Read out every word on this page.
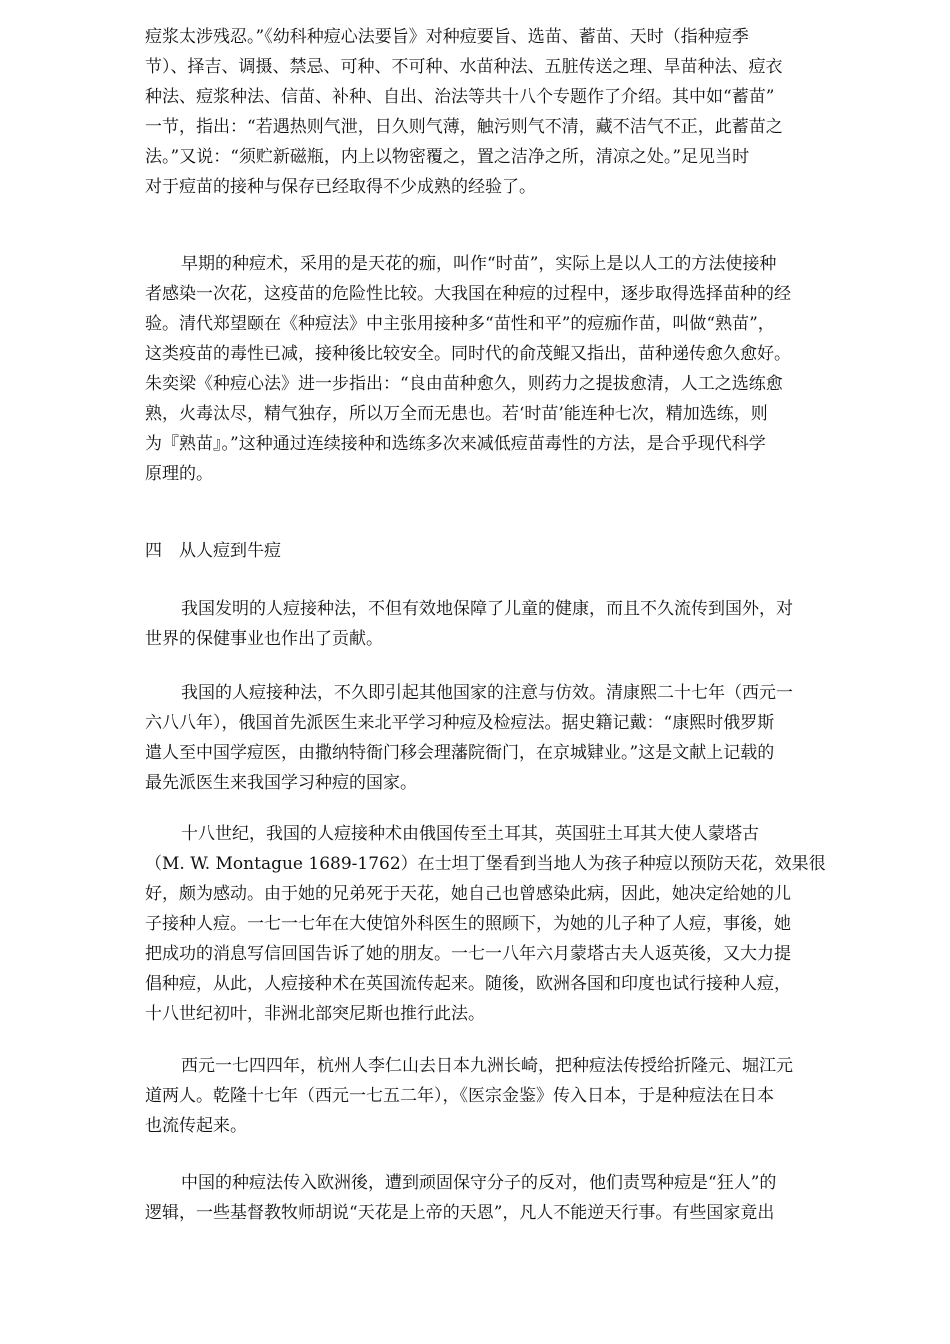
痘浆太涉残忍。”《幼科种痘心法要旨》对种痘要旨、选苗、蓄苗、天时（指种痘季
节）、择吉、调摄、禁忌、可种、不可种、水苗种法、五脏传送之理、旱苗种法、痘衣
种法、痘浆种法、信苗、补种、自出、治法等共十八个专题作了介绍。其中如“蓄苗”
一节，指出：“若遇热则气泄，日久则气薄，触污则气不清，藏不洁气不正，此蓄苗之
法。”又说：“须贮新磁瓶，内上以物密覆之，置之洁净之所，清凉之处。”足见当时
对于痘苗的接种与保存已经取得不少成熟的经验了。
早期的种痘术，采用的是天花的痂，叫作“时苗”，实际上是以人工的方法使接种
者感染一次花，这疫苗的危险性比较。大我国在种痘的过程中，逐步取得选择苗种的经
验。清代郑望颐在《种痘法》中主张用接种多“苗性和平”的痘痂作苗，叫做“熟苗”，
这类疫苗的毒性已减，接种後比较安全。同时代的俞茂鲲又指出，苗种递传愈久愈好。
朱奕梁《种痘心法》进一步指出：“良由苗种愈久，则药力之提拔愈清，人工之选练愈
熟，火毒汰尽，精气独存，所以万全而无患也。若‘时苗’能连种七次，精加选练，则
为『熟苗』。”这种通过连续接种和选练多次来减低痘苗毒性的方法，是合乎现代科学
原理的。
四　从人痘到牛痘
我国发明的人痘接种法，不但有效地保障了儿童的健康，而且不久流传到国外，对
世界的保健事业也作出了贡献。
我国的人痘接种法，不久即引起其他国家的注意与仿效。清康熙二十七年（西元一
六八八年），俄国首先派医生来北平学习种痘及检痘法。据史籍记戴：“康熙时俄罗斯
遣人至中国学痘医，由撒纳特衙门移会理藩院衙门，在京城肄业。”这是文献上记载的
最先派医生来我国学习种痘的国家。
十八世纪，我国的人痘接种术由俄国传至土耳其，英国驻土耳其大使人蒙塔古
（M. W. Montague 1689-1762）在士坦丁堡看到当地人为孩子种痘以预防天花，效果很
好，颇为感动。由于她的兄弟死于天花，她自己也曾感染此病，因此，她决定给她的儿
子接种人痘。一七一七年在大使馆外科医生的照顾下，为她的儿子种了人痘，事後，她
把成功的消息写信回国告诉了她的朋友。一七一八年六月蒙塔古夫人返英後，又大力提
倡种痘，从此，人痘接种术在英国流传起来。随後，欧洲各国和印度也试行接种人痘，
十八世纪初叶，非洲北部突尼斯也推行此法。
西元一七四四年，杭州人李仁山去日本九洲长崎，把种痘法传授给折隆元、堀江元
道两人。乾隆十七年（西元一七五二年），《医宗金鉴》传入日本，于是种痘法在日本
也流传起来。
中国的种痘法传入欧洲後，遭到顽固保守分子的反对，他们责骂种痘是“狂人”的
逻辑，一些基督教牧师胡说“天花是上帝的天恩”，凡人不能逆天行事。有些国家竟出
